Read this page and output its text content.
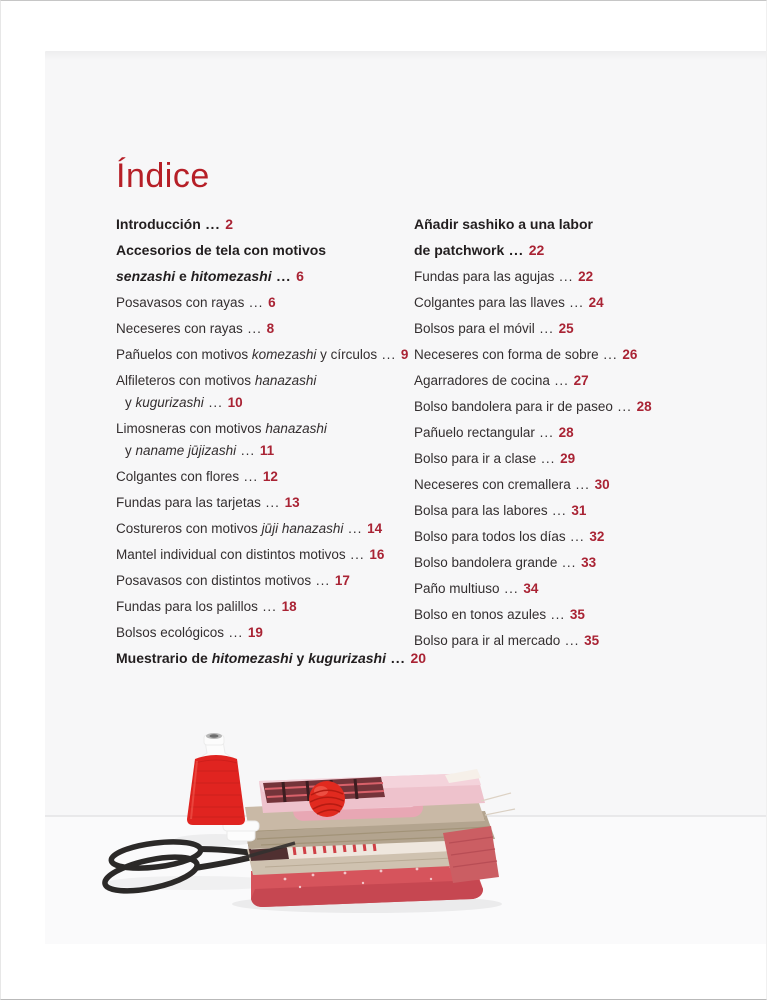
Índice
Introducción ... 2
Accesorios de tela con motivos
senzashi e hitomezashi ... 6
Posavasos con rayas ... 6
Neceseres con rayas ... 8
Pañuelos con motivos komezashi y círculos ... 9
Alfileteros con motivos hanazashi
y kugurizashi ... 10
Limosneras con motivos hanazashi
y naname jūjizashi ... 11
Colgantes con flores ... 12
Fundas para las tarjetas ... 13
Costureros con motivos jūji hanazashi ... 14
Mantel individual con distintos motivos ... 16
Posavasos con distintos motivos ... 17
Fundas para los palillos ... 18
Bolsos ecológicos ... 19
Muestrario de hitomezashi y kugurizashi ... 20
Añadir sashiko a una labor
de patchwork ... 22
Fundas para las agujas ... 22
Colgantes para las llaves ... 24
Bolsos para el móvil ... 25
Neceseres con forma de sobre ... 26
Agarradores de cocina ... 27
Bolso bandolera para ir de paseo ... 28
Pañuelo rectangular ... 28
Bolso para ir a clase ... 29
Neceseres con cremallera ... 30
Bolsa para las labores ... 31
Bolso para todos los días ... 32
Bolso bandolera grande ... 33
Paño multiuso ... 34
Bolso en tonos azules ... 35
Bolso para ir al mercado ... 35
